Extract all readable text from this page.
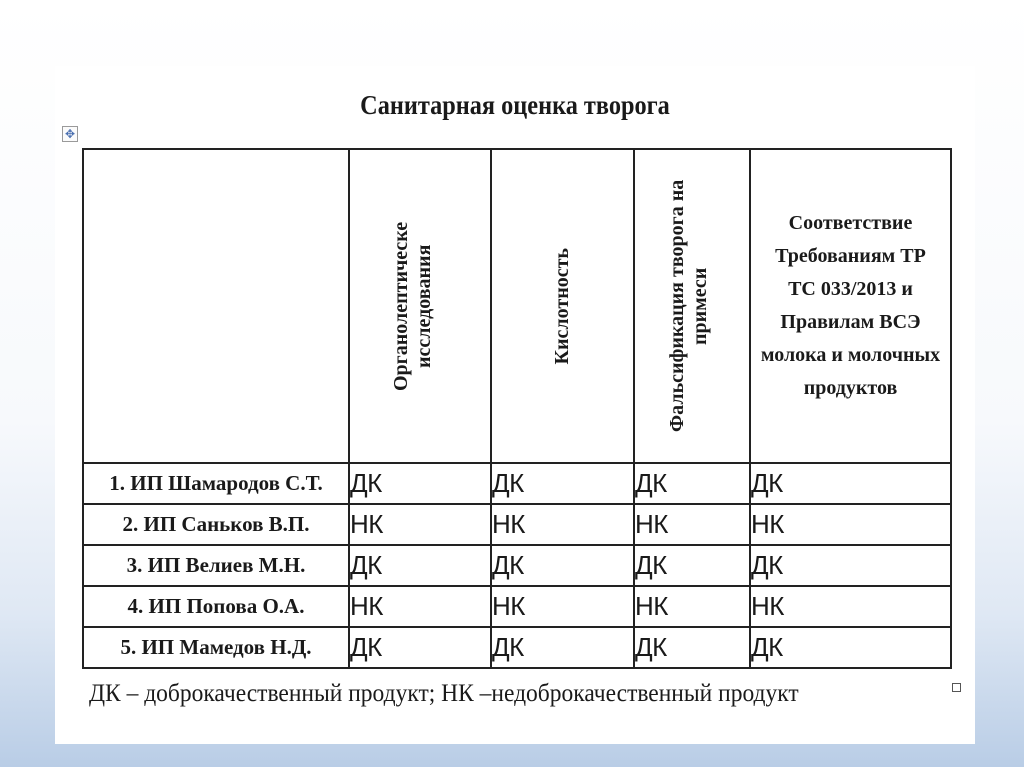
Санитарная оценка творога
✥

	Органолептическе исследования	Кислотность	Фальсификация творога на примеси	Соответствие Требованиям ТР ТС 033/2013 и Правилам ВСЭ молока и молочных продуктов

1. ИП Шамародов С.Т.	ДК	ДК	ДК	ДК
2. ИП Саньков В.П.	НК	НК	НК	НК
3. ИП Велиев М.Н.	ДК	ДК	ДК	ДК
4. ИП Попова О.А.	НК	НК	НК	НК
5. ИП Мамедов Н.Д.	ДК	ДК	ДК	ДК
ДК – доброкачественный продукт; НК –недоброкачественный продукт
